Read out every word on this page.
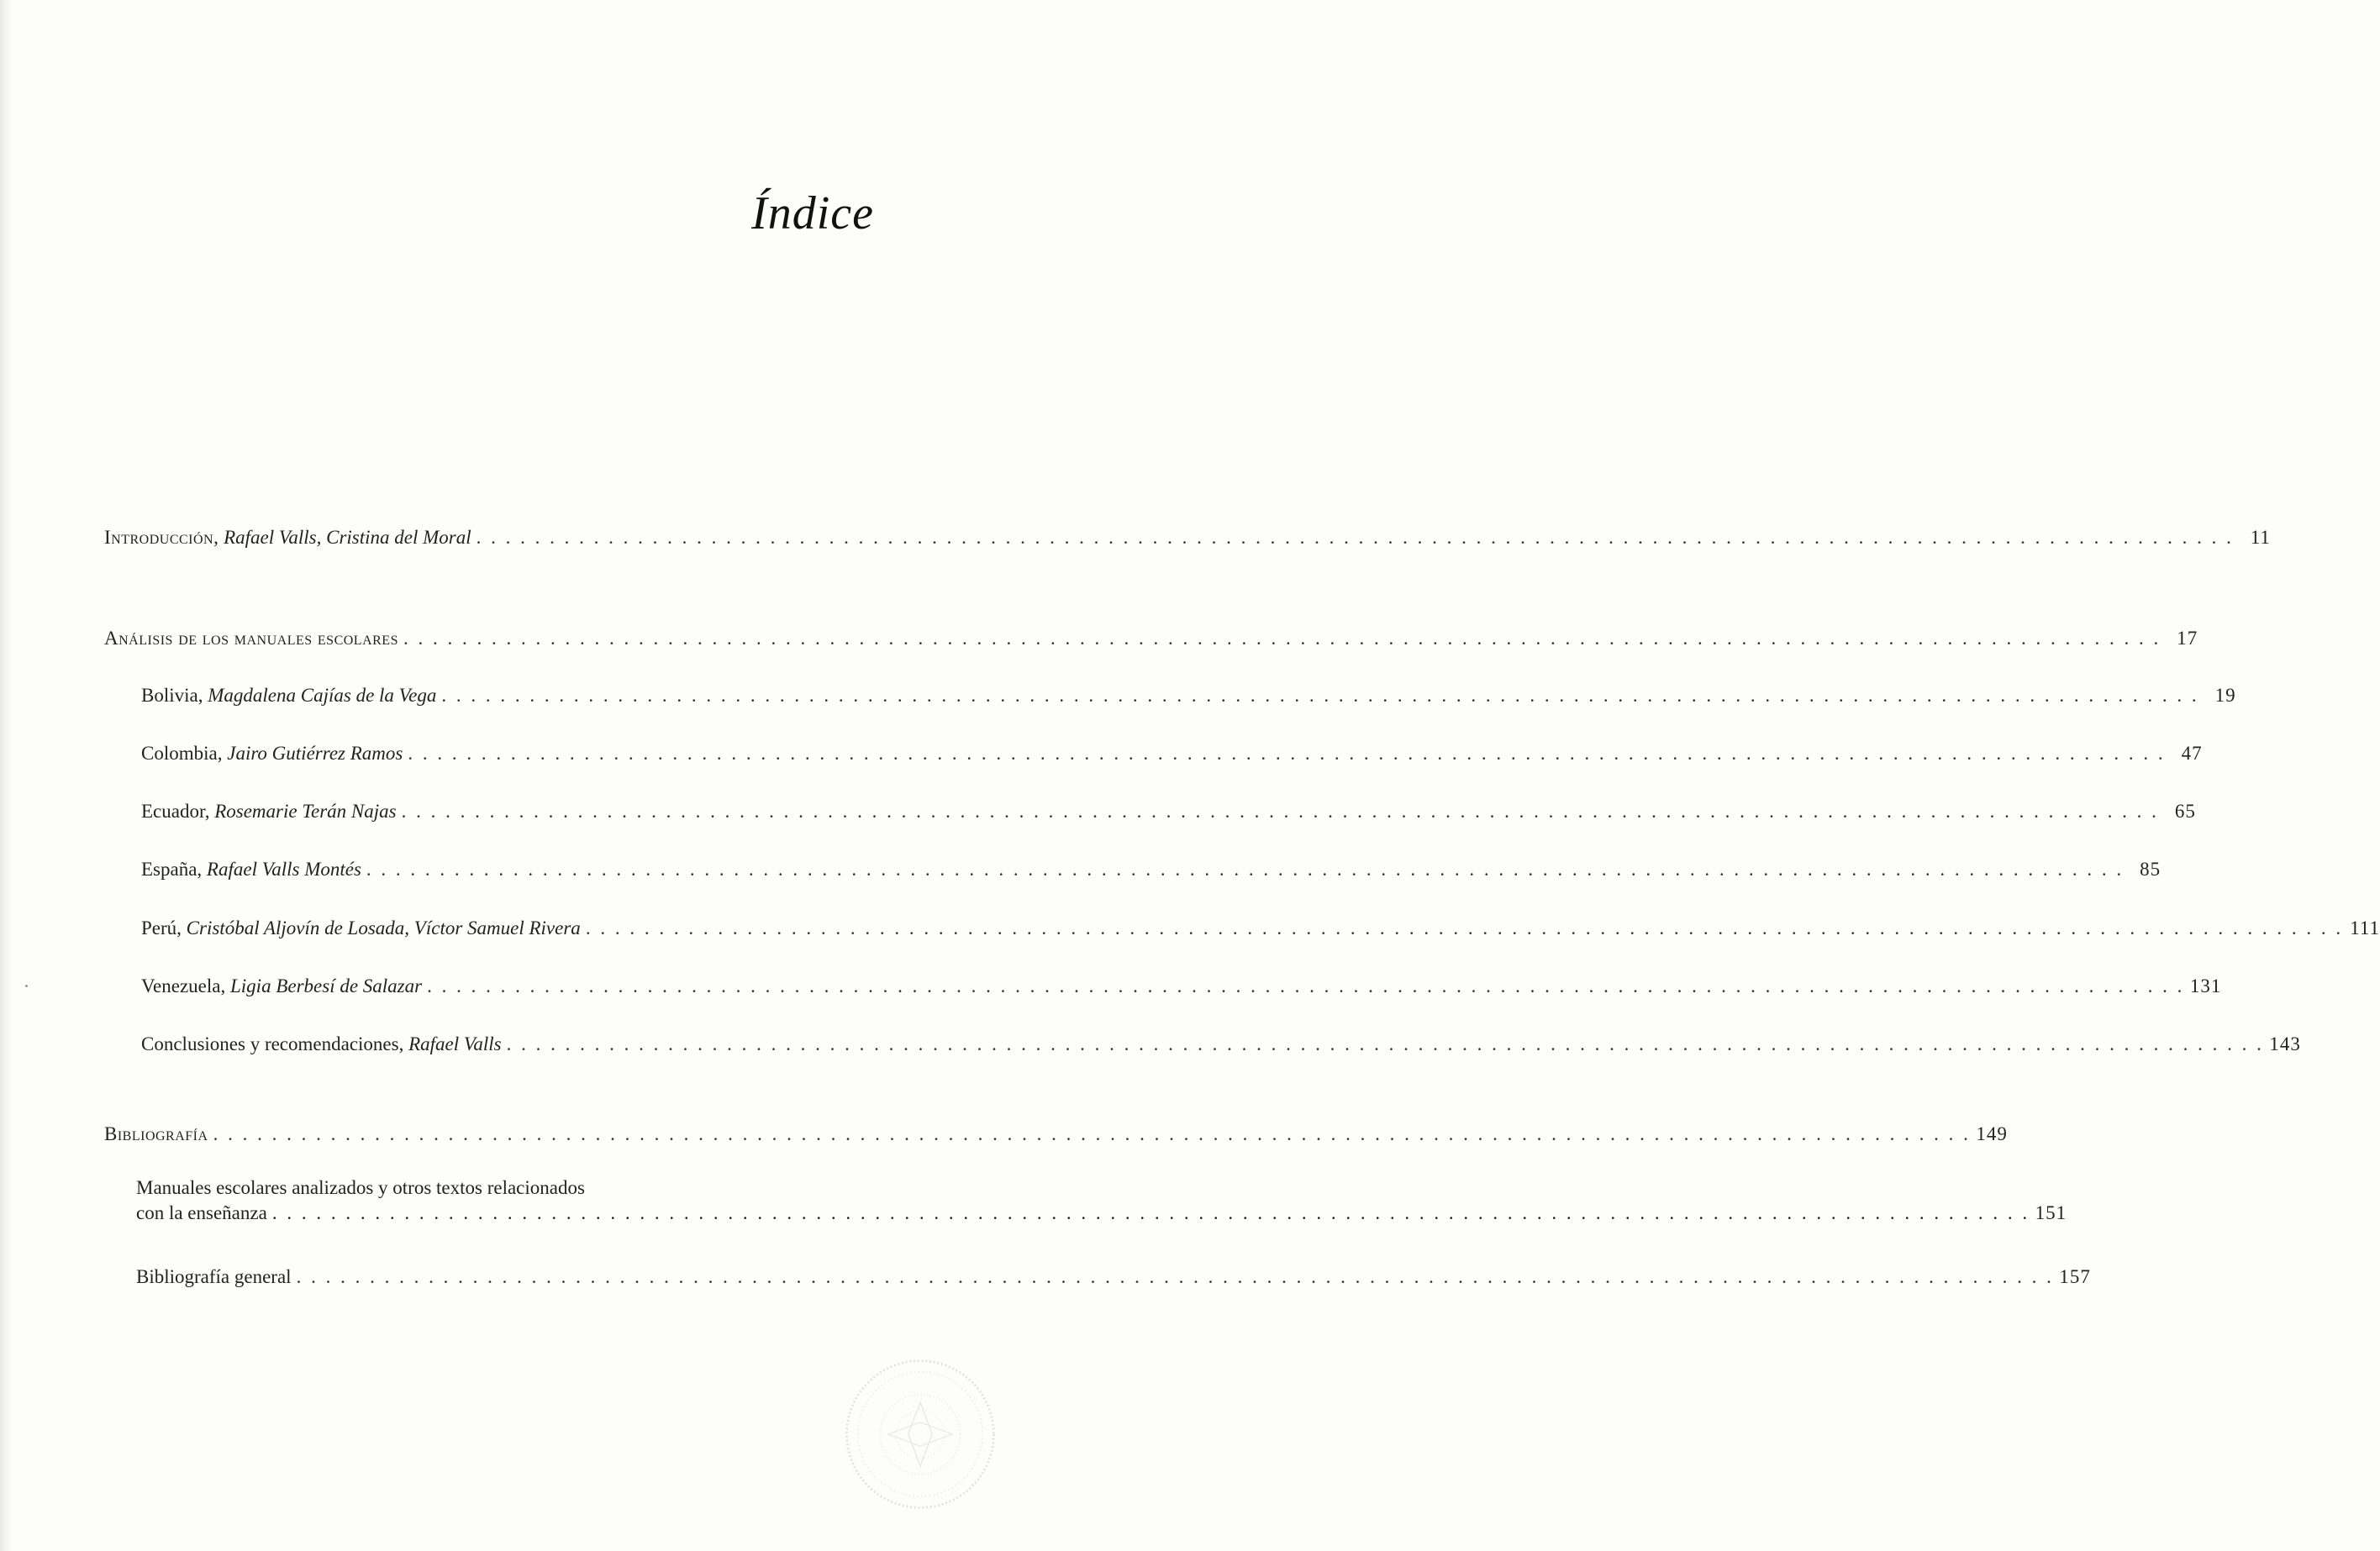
Índice
Introducción, Rafael Valls, Cristina del Moral . . . . . . . . . . . . . . . . . . . . . . . . . . . . . . . . . . . . . . . . . . . . . . . . . . . . . . . . . . . . . . . . . . . . . . . . . . . . . . . . . . . . . . . . . . . . . . . . . . . . . . . . . . . . . . . . . . . . . . . . 11
Análisis de los manuales escolares . . . . . . . . . . . . . . . . . . . . . . . . . . . . . . . . . . . . . . . . . . . . . . . . . . . . . . . . . . . . . . . . . . . . . . . . . . . . . . . . . . . . . . . . . . . . . . . . . . . . . . . . . . . . . . . . . . . . . . . . 17
Bolivia, Magdalena Cajías de la Vega . . . . . . . . . . . . . . . . . . . . . . . . . . . . . . . . . . . . . . . . . . . . . . . . . . . . . . . . . . . . . . . . . . . . . . . . . . . . . . . . . . . . . . . . . . . . . . . . . . . . . . . . . . . . . . . . . . . . . . . . 19
Colombia, Jairo Gutiérrez Ramos . . . . . . . . . . . . . . . . . . . . . . . . . . . . . . . . . . . . . . . . . . . . . . . . . . . . . . . . . . . . . . . . . . . . . . . . . . . . . . . . . . . . . . . . . . . . . . . . . . . . . . . . . . . . . . . . . . . . . . . . 47
Ecuador, Rosemarie Terán Najas . . . . . . . . . . . . . . . . . . . . . . . . . . . . . . . . . . . . . . . . . . . . . . . . . . . . . . . . . . . . . . . . . . . . . . . . . . . . . . . . . . . . . . . . . . . . . . . . . . . . . . . . . . . . . . . . . . . . . . . . 65
España, Rafael Valls Montés . . . . . . . . . . . . . . . . . . . . . . . . . . . . . . . . . . . . . . . . . . . . . . . . . . . . . . . . . . . . . . . . . . . . . . . . . . . . . . . . . . . . . . . . . . . . . . . . . . . . . . . . . . . . . . . . . . . . . . . . 85
Perú, Cristóbal Aljovín de Losada, Víctor Samuel Rivera . . . . . . . . . . . . . . . . . . . . . . . . . . . . . . . . . . . . . . . . . . . . . . . . . . . . . . . . . . . . . . . . . . . . . . . . . . . . . . . . . . . . . . . . . . . . . . . . . . . . . . . . . . . . . . . . . . . . . . . . 111
Venezuela, Ligia Berbesí de Salazar . . . . . . . . . . . . . . . . . . . . . . . . . . . . . . . . . . . . . . . . . . . . . . . . . . . . . . . . . . . . . . . . . . . . . . . . . . . . . . . . . . . . . . . . . . . . . . . . . . . . . . . . . . . . . . . . . . . . . . . . 131
Conclusiones y recomendaciones, Rafael Valls . . . . . . . . . . . . . . . . . . . . . . . . . . . . . . . . . . . . . . . . . . . . . . . . . . . . . . . . . . . . . . . . . . . . . . . . . . . . . . . . . . . . . . . . . . . . . . . . . . . . . . . . . . . . . . . . . . . . . . . . 143
Bibliografía . . . . . . . . . . . . . . . . . . . . . . . . . . . . . . . . . . . . . . . . . . . . . . . . . . . . . . . . . . . . . . . . . . . . . . . . . . . . . . . . . . . . . . . . . . . . . . . . . . . . . . . . . . . . . . . . . . . . . . . . 149
Manuales escolares analizados y otros textos relacionados
con la enseñanza . . . . . . . . . . . . . . . . . . . . . . . . . . . . . . . . . . . . . . . . . . . . . . . . . . . . . . . . . . . . . . . . . . . . . . . . . . . . . . . . . . . . . . . . . . . . . . . . . . . . . . . . . . . . . . . . . . . . . . . . 151
Bibliografía general . . . . . . . . . . . . . . . . . . . . . . . . . . . . . . . . . . . . . . . . . . . . . . . . . . . . . . . . . . . . . . . . . . . . . . . . . . . . . . . . . . . . . . . . . . . . . . . . . . . . . . . . . . . . . . . . . . . . . . . . 157
